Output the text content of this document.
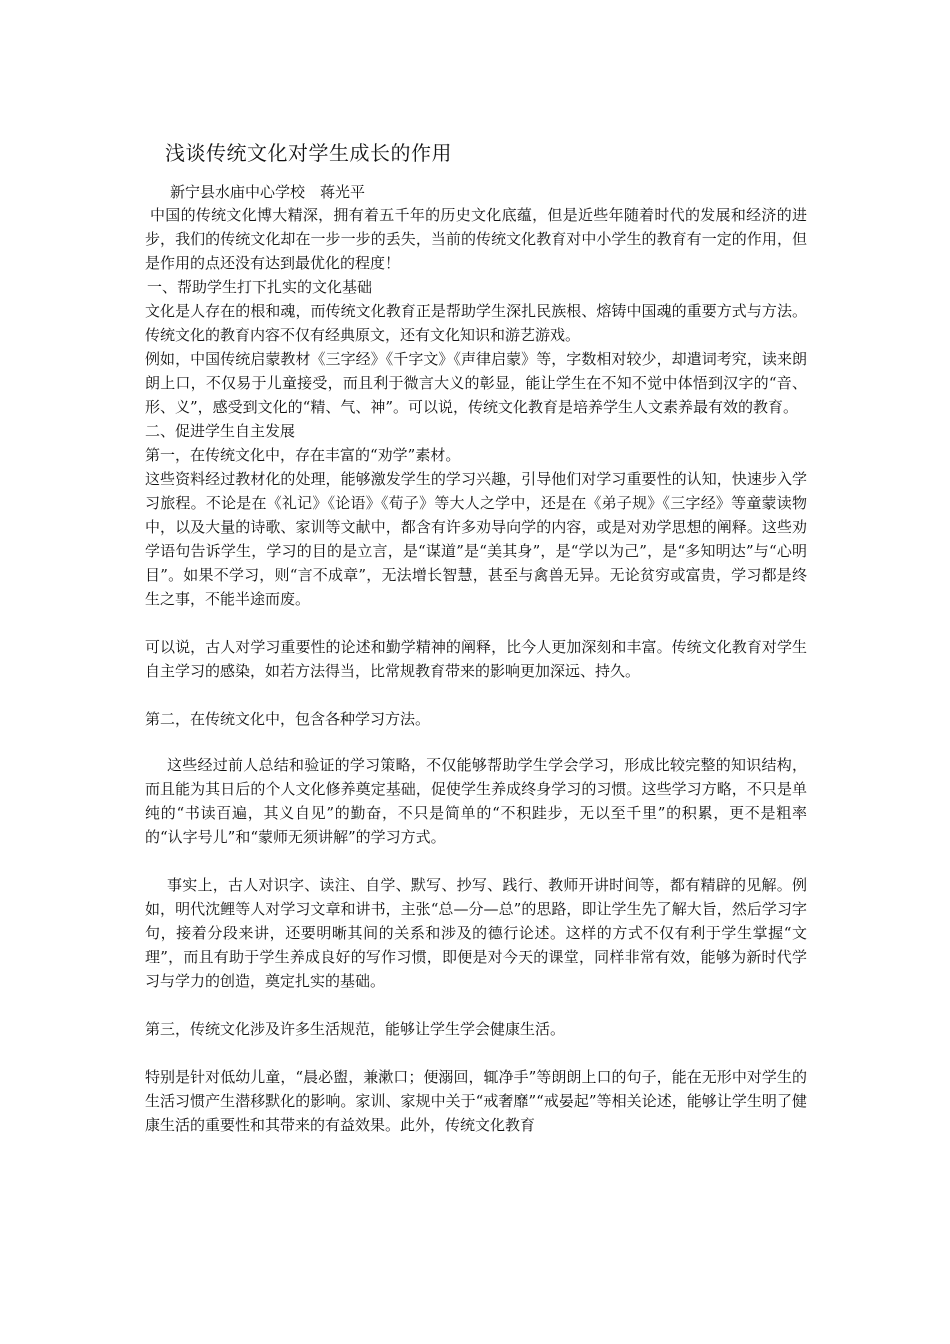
浅谈传统文化对学生成长的作用
新宁县水庙中心学校　蒋光平

中国的传统文化博大精深，拥有着五千年的历史文化底蕴，但是近些年随着时代的发展和经济的进步，我们的传统文化却在一步一步的丢失，当前的传统文化教育对中小学生的教育有一定的作用，但是作用的点还没有达到最优化的程度！

一、帮助学生打下扎实的文化基础

文化是人存在的根和魂，而传统文化教育正是帮助学生深扎民族根、熔铸中国魂的重要方式与方法。传统文化的教育内容不仅有经典原文，还有文化知识和游艺游戏。

例如，中国传统启蒙教材《三字经》《千字文》《声律启蒙》等，字数相对较少，却遣词考究，读来朗朗上口，不仅易于儿童接受，而且利于微言大义的彰显，能让学生在不知不觉中体悟到汉字的“音、形、义”，感受到文化的“精、气、神”。可以说，传统文化教育是培养学生人文素养最有效的教育。

二、促进学生自主发展

第一，在传统文化中，存在丰富的“劝学”素材。

这些资料经过教材化的处理，能够激发学生的学习兴趣，引导他们对学习重要性的认知，快速步入学习旅程。不论是在《礼记》《论语》《荀子》等大人之学中，还是在《弟子规》《三字经》等童蒙读物中，以及大量的诗歌、家训等文献中，都含有许多劝导向学的内容，或是对劝学思想的阐释。这些劝学语句告诉学生，学习的目的是立言，是“谋道”是“美其身”，是“学以为己”，是“多知明达”与“心明目”。如果不学习，则“言不成章”，无法增长智慧，甚至与禽兽无异。无论贫穷或富贵，学习都是终生之事，不能半途而废。

可以说，古人对学习重要性的论述和勤学精神的阐释，比今人更加深刻和丰富。传统文化教育对学生自主学习的感染，如若方法得当，比常规教育带来的影响更加深远、持久。

第二，在传统文化中，包含各种学习方法。

这些经过前人总结和验证的学习策略，不仅能够帮助学生学会学习，形成比较完整的知识结构，而且能为其日后的个人文化修养奠定基础，促使学生养成终身学习的习惯。这些学习方略，不只是单纯的“书读百遍，其义自见”的勤奋，不只是简单的“不积跬步，无以至千里”的积累，更不是粗率的“认字号儿”和“蒙师无须讲解”的学习方式。

事实上，古人对识字、读注、自学、默写、抄写、践行、教师开讲时间等，都有精辟的见解。例如，明代沈鲤等人对学习文章和讲书，主张“总—分—总”的思路，即让学生先了解大旨，然后学习字句，接着分段来讲，还要明晰其间的关系和涉及的德行论述。这样的方式不仅有利于学生掌握“文理”，而且有助于学生养成良好的写作习惯，即便是对今天的课堂，同样非常有效，能够为新时代学习与学力的创造，奠定扎实的基础。

第三，传统文化涉及许多生活规范，能够让学生学会健康生活。

特别是针对低幼儿童，“晨必盥，兼漱口；便溺回，辄净手”等朗朗上口的句子，能在无形中对学生的生活习惯产生潜移默化的影响。家训、家规中关于“戒奢靡”“戒晏起”等相关论述，能够让学生明了健康生活的重要性和其带来的有益效果。此外，传统文化教育
